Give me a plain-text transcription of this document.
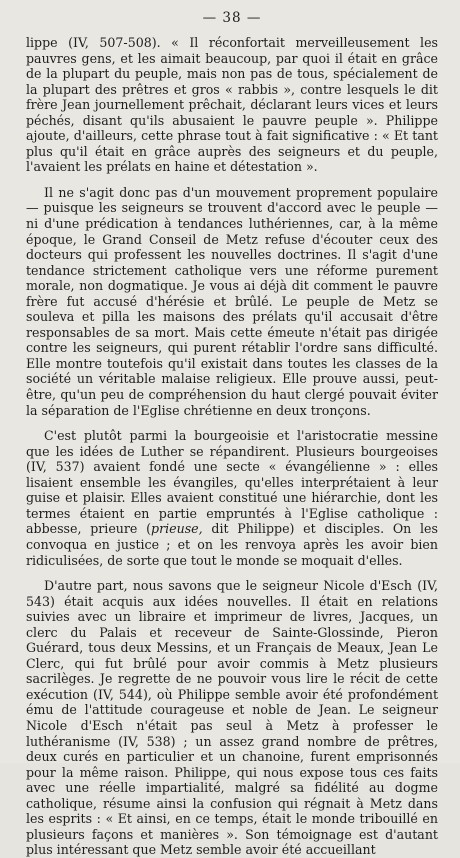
— 38 —

lippe (IV, 507-508). « Il réconfortait merveilleusement les pauvres gens, et les aimait beaucoup, par quoi il était en grâce de la plupart du peuple, mais non pas de tous, spécialement de la plupart des prêtres et gros « rabbis », contre lesquels le dit frère Jean journellement prêchait, déclarant leurs vices et leurs péchés, disant qu'ils abusaient le pauvre peuple ». Philippe ajoute, d'ailleurs, cette phrase tout à fait significative : « Et tant plus qu'il était en grâce auprès des seigneurs et du peuple, l'avaient les prélats en haine et détestation ».

Il ne s'agit donc pas d'un mouvement proprement populaire — puisque les seigneurs se trouvent d'accord avec le peuple — ni d'une prédication à tendances luthériennes, car, à la même époque, le Grand Conseil de Metz refuse d'écouter ceux des docteurs qui professent les nouvelles doctrines. Il s'agit d'une tendance strictement catholique vers une réforme purement morale, non dogmatique. Je vous ai déjà dit comment le pauvre frère fut accusé d'hérésie et brûlé. Le peuple de Metz se souleva et pilla les maisons des prélats qu'il accusait d'être responsables de sa mort. Mais cette émeute n'était pas dirigée contre les seigneurs, qui purent rétablir l'ordre sans difficulté. Elle montre toutefois qu'il existait dans toutes les classes de la société un véritable malaise religieux. Elle prouve aussi, peut-être, qu'un peu de compréhension du haut clergé pouvait éviter la séparation de l'Eglise chrétienne en deux tronçons.

C'est plutôt parmi la bourgeoisie et l'aristocratie messine que les idées de Luther se répandirent. Plusieurs bourgeoises (IV, 537) avaient fondé une secte « évangélienne » : elles lisaient ensemble les évangiles, qu'elles interprétaient à leur guise et plaisir. Elles avaient constitué une hiérarchie, dont les termes étaient en partie empruntés à l'Eglise catholique : abbesse, prieure (prieuse, dit Philippe) et disciples. On les convoqua en justice ; et on les renvoya après les avoir bien ridiculisées, de sorte que tout le monde se moquait d'elles.

D'autre part, nous savons que le seigneur Nicole d'Esch (IV, 543) était acquis aux idées nouvelles. Il était en relations suivies avec un libraire et imprimeur de livres, Jacques, un clerc du Palais et receveur de Sainte-Glossinde, Pieron Guérard, tous deux Messins, et un Français de Meaux, Jean Le Clerc, qui fut brûlé pour avoir commis à Metz plusieurs sacrilèges. Je regrette de ne pouvoir vous lire le récit de cette exécution (IV, 544), où Philippe semble avoir été profondément ému de l'attitude courageuse et noble de Jean. Le seigneur Nicole d'Esch n'était pas seul à Metz à professer le luthéranisme (IV, 538) ; un assez grand nombre de prêtres, deux curés en particulier et un chanoine, furent emprisonnés pour la même raison. Philippe, qui nous expose tous ces faits avec une réelle impartialité, malgré sa fidélité au dogme catholique, résume ainsi la confusion qui régnait à Metz dans les esprits : « Et ainsi, en ce temps, était le monde tribouillé en plusieurs façons et manières ». Son témoignage est d'autant plus intéressant que Metz semble avoir été accueillant
